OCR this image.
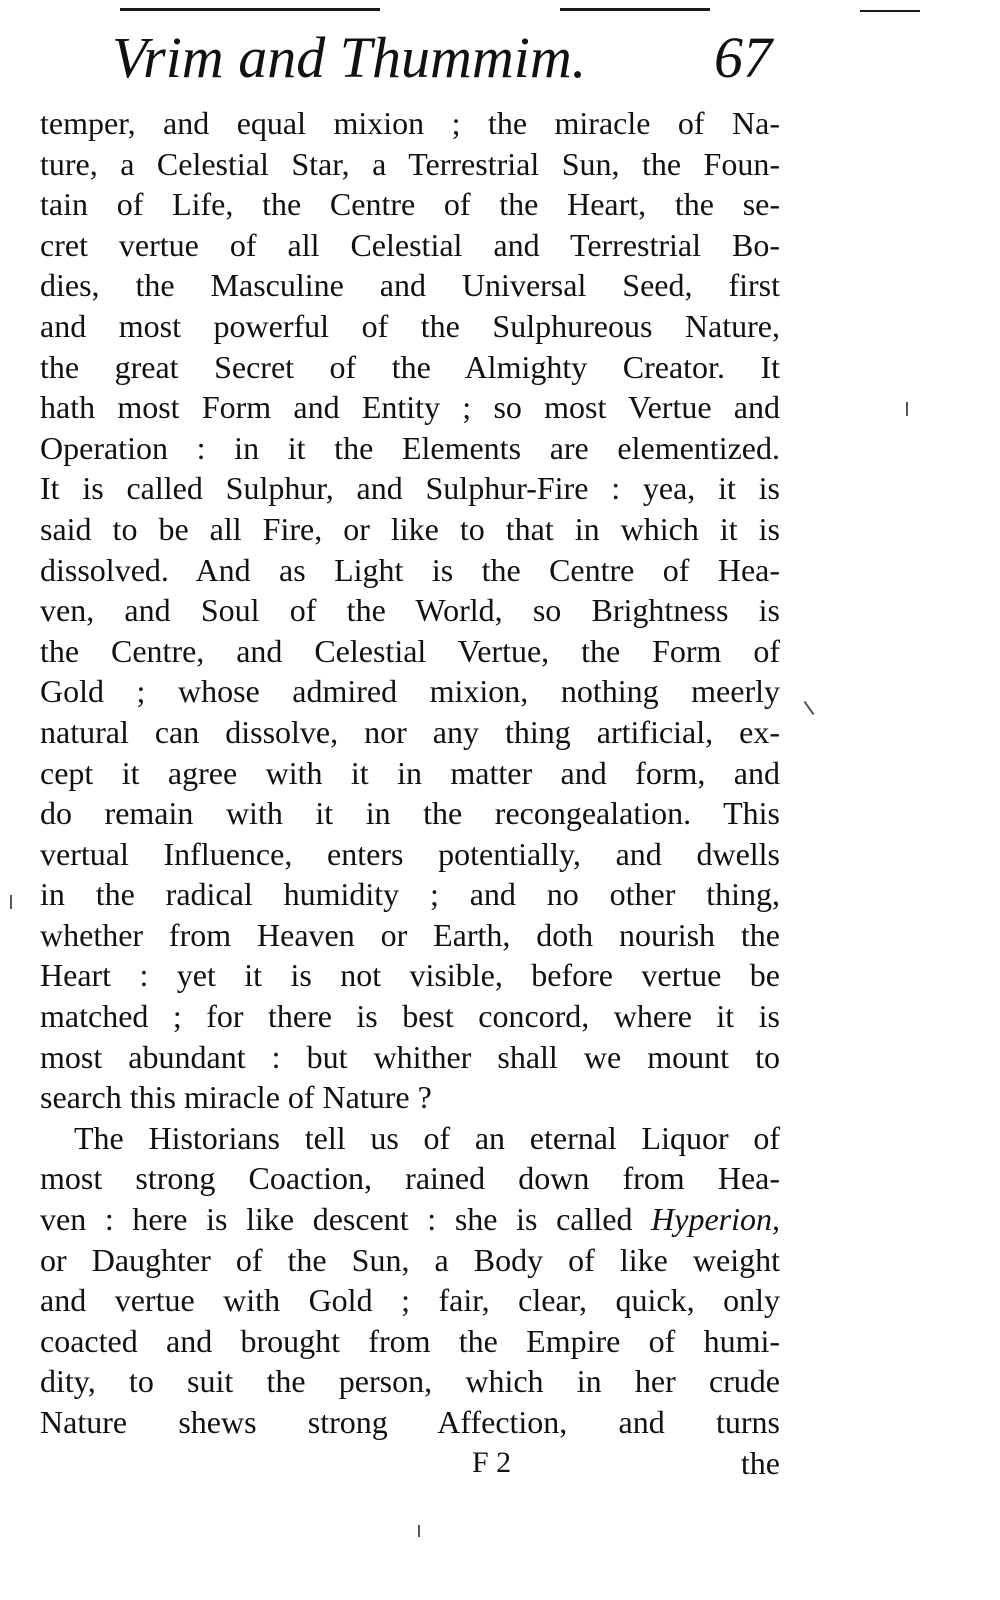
Vrim and Thummim. 67
temper, and equal mixion ; the miracle of Na-
ture, a Celestial Star, a Terrestrial Sun, the Foun-
tain of Life, the Centre of the Heart, the se-
cret vertue of all Celestial and Terrestrial Bo-
dies, the Masculine and Universal Seed, first
and most powerful of the Sulphureous Nature,
the great Secret of the Almighty Creator. It
hath most Form and Entity ; so most Vertue and
Operation : in it the Elements are elementized.
It is called Sulphur, and Sulphur-Fire : yea, it is
said to be all Fire, or like to that in which it is
dissolved. And as Light is the Centre of Hea-
ven, and Soul of the World, so Brightness is
the Centre, and Celestial Vertue, the Form of
Gold ; whose admired mixion, nothing meerly
natural can dissolve, nor any thing artificial, ex-
cept it agree with it in matter and form, and
do remain with it in the recongealation. This
vertual Influence, enters potentially, and dwells
in the radical humidity ; and no other thing,
whether from Heaven or Earth, doth nourish the
Heart : yet it is not visible, before vertue be
matched ; for there is best concord, where it is
most abundant : but whither shall we mount to
search this miracle of Nature ?
The Historians tell us of an eternal Liquor of
most strong Coaction, rained down from Hea-
ven : here is like descent : she is called Hyperion,
or Daughter of the Sun, a Body of like weight
and vertue with Gold ; fair, clear, quick, only
coacted and brought from the Empire of humi-
dity, to suit the person, which in her crude
Nature shews strong Affection, and turns
F 2	the
